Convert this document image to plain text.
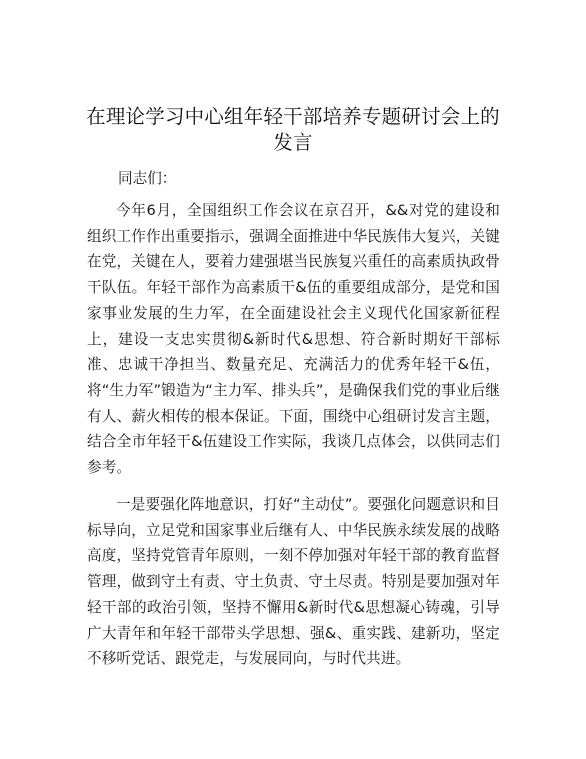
在理论学习中心组年轻干部培养专题研讨会上的发言

同志们：

今年6月，全国组织工作会议在京召开，&&对党的建设和组织工作作出重要指示，强调全面推进中华民族伟大复兴，关键在党，关键在人，要着力建强堪当民族复兴重任的高素质执政骨干队伍。年轻干部作为高素质干&伍的重要组成部分，是党和国家事业发展的生力军，在全面建设社会主义现代化国家新征程上，建设一支忠实贯彻&新时代&思想、符合新时期好干部标准、忠诚干净担当、数量充足、充满活力的优秀年轻干&伍，将“生力军”锻造为“主力军、排头兵”，是确保我们党的事业后继有人、薪火相传的根本保证。下面，围绕中心组研讨发言主题，结合全市年轻干&伍建设工作实际，我谈几点体会，以供同志们参考。

一是要强化阵地意识，打好“主动仗”。要强化问题意识和目标导向，立足党和国家事业后继有人、中华民族永续发展的战略高度，坚持党管青年原则，一刻不停加强对年轻干部的教育监督管理，做到守土有责、守土负责、守土尽责。特别是要加强对年轻干部的政治引领，坚持不懈用&新时代&思想凝心铸魂，引导广大青年和年轻干部带头学思想、强&、重实践、建新功，坚定不移听党话、跟党走，与发展同向，与时代共进。
